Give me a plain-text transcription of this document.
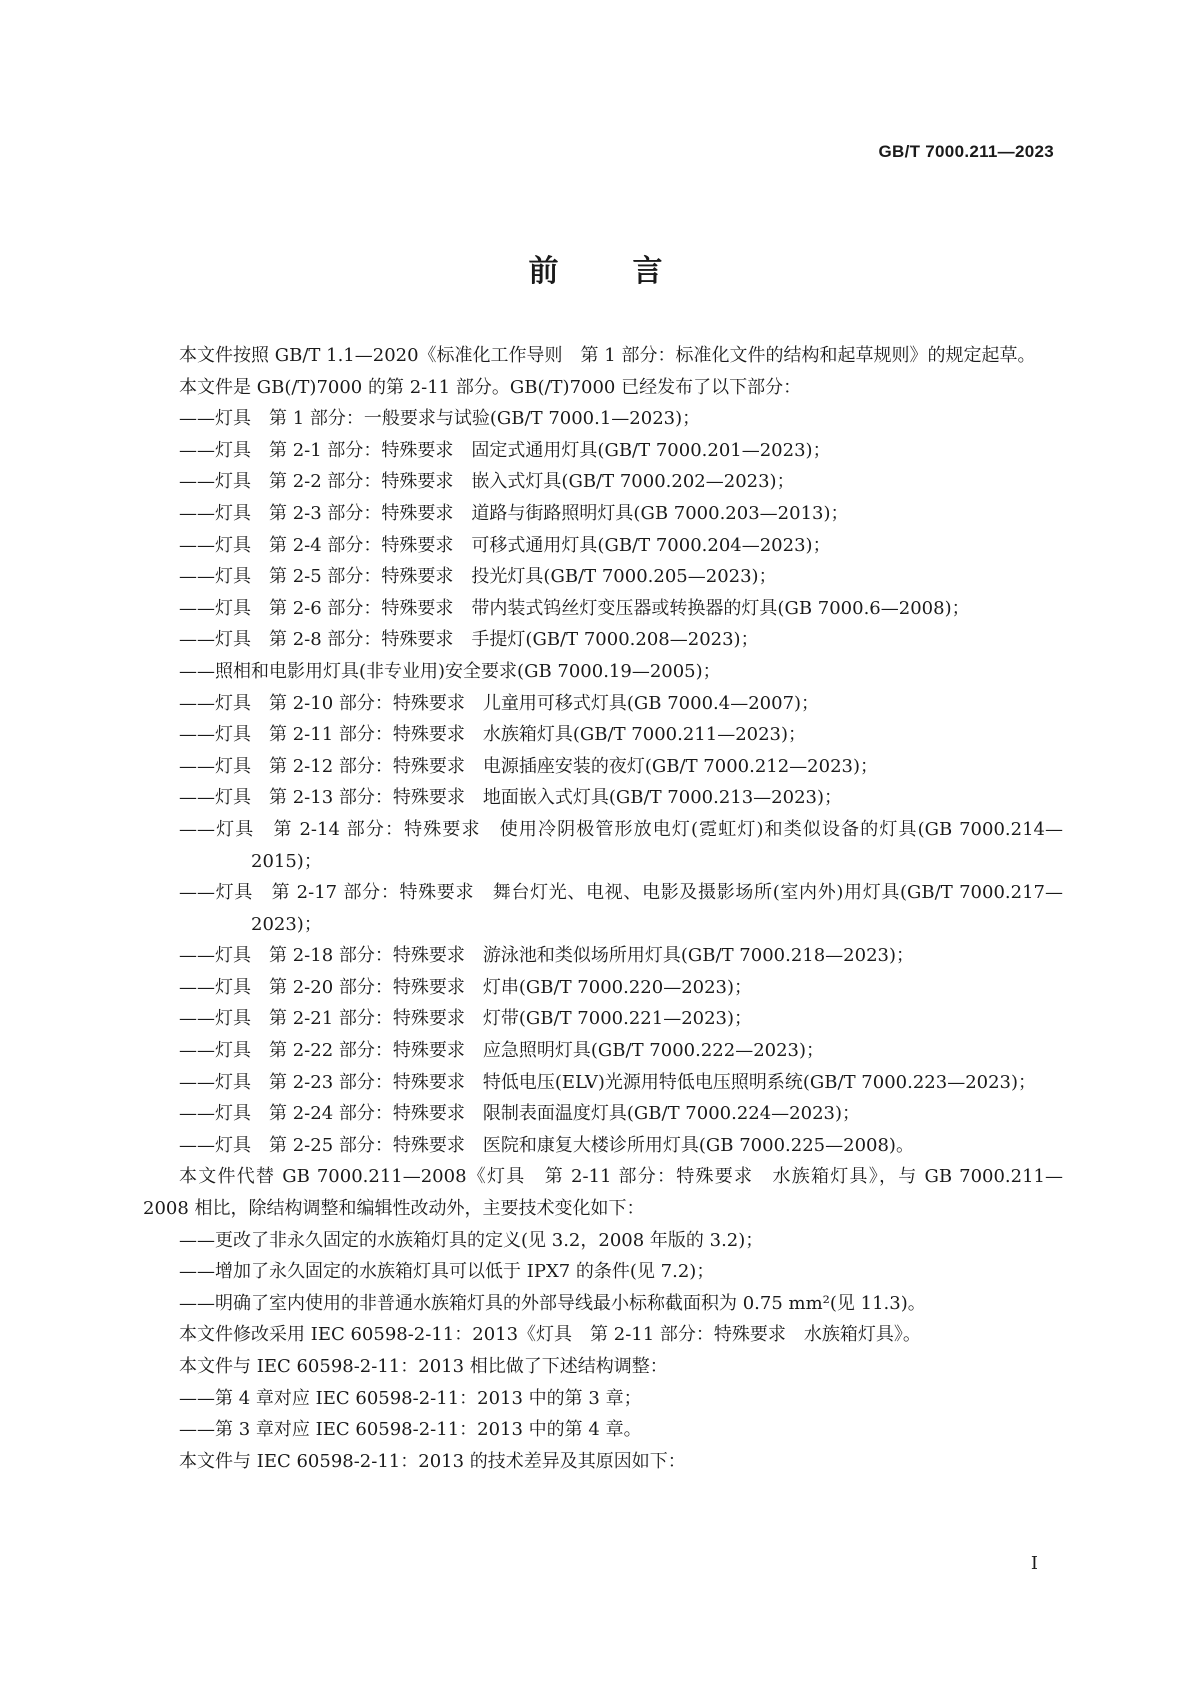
GB/T 7000.211—2023
前 言

本文件按照 GB/T 1.1—2020《标准化工作导则　第 1 部分：标准化文件的结构和起草规则》的规定起草。

本文件是 GB(/T)7000 的第 2-11 部分。GB(/T)7000 已经发布了以下部分：

——灯具　第 1 部分：一般要求与试验(GB/T 7000.1—2023)；

——灯具　第 2-1 部分：特殊要求　固定式通用灯具(GB/T 7000.201—2023)；

——灯具　第 2-2 部分：特殊要求　嵌入式灯具(GB/T 7000.202—2023)；

——灯具　第 2-3 部分：特殊要求　道路与街路照明灯具(GB 7000.203—2013)；

——灯具　第 2-4 部分：特殊要求　可移式通用灯具(GB/T 7000.204—2023)；

——灯具　第 2-5 部分：特殊要求　投光灯具(GB/T 7000.205—2023)；

——灯具　第 2-6 部分：特殊要求　带内装式钨丝灯变压器或转换器的灯具(GB 7000.6—2008)；

——灯具　第 2-8 部分：特殊要求　手提灯(GB/T 7000.208—2023)；

——照相和电影用灯具(非专业用)安全要求(GB 7000.19—2005)；

——灯具　第 2-10 部分：特殊要求　儿童用可移式灯具(GB 7000.4—2007)；

——灯具　第 2-11 部分：特殊要求　水族箱灯具(GB/T 7000.211—2023)；

——灯具　第 2-12 部分：特殊要求　电源插座安装的夜灯(GB/T 7000.212—2023)；

——灯具　第 2-13 部分：特殊要求　地面嵌入式灯具(GB/T 7000.213—2023)；

——灯具　第 2-14 部分：特殊要求　使用冷阴极管形放电灯(霓虹灯)和类似设备的灯具(GB 7000.214—2015)；

——灯具　第 2-17 部分：特殊要求　舞台灯光、电视、电影及摄影场所(室内外)用灯具(GB/T 7000.217—2023)；

——灯具　第 2-18 部分：特殊要求　游泳池和类似场所用灯具(GB/T 7000.218—2023)；

——灯具　第 2-20 部分：特殊要求　灯串(GB/T 7000.220—2023)；

——灯具　第 2-21 部分：特殊要求　灯带(GB/T 7000.221—2023)；

——灯具　第 2-22 部分：特殊要求　应急照明灯具(GB/T 7000.222—2023)；

——灯具　第 2-23 部分：特殊要求　特低电压(ELV)光源用特低电压照明系统(GB/T 7000.223—2023)；

——灯具　第 2-24 部分：特殊要求　限制表面温度灯具(GB/T 7000.224—2023)；

——灯具　第 2-25 部分：特殊要求　医院和康复大楼诊所用灯具(GB 7000.225—2008)。

本文件代替 GB 7000.211—2008《灯具　第 2-11 部分：特殊要求　水族箱灯具》，与 GB 7000.211—2008 相比，除结构调整和编辑性改动外，主要技术变化如下：

——更改了非永久固定的水族箱灯具的定义(见 3.2，2008 年版的 3.2)；

——增加了永久固定的水族箱灯具可以低于 IPX7 的条件(见 7.2)；

——明确了室内使用的非普通水族箱灯具的外部导线最小标称截面积为 0.75 mm²(见 11.3)。

本文件修改采用 IEC 60598-2-11：2013《灯具　第 2-11 部分：特殊要求　水族箱灯具》。

本文件与 IEC 60598-2-11：2013 相比做了下述结构调整：

——第 4 章对应 IEC 60598-2-11：2013 中的第 3 章；

——第 3 章对应 IEC 60598-2-11：2013 中的第 4 章。

本文件与 IEC 60598-2-11：2013 的技术差异及其原因如下：

I
